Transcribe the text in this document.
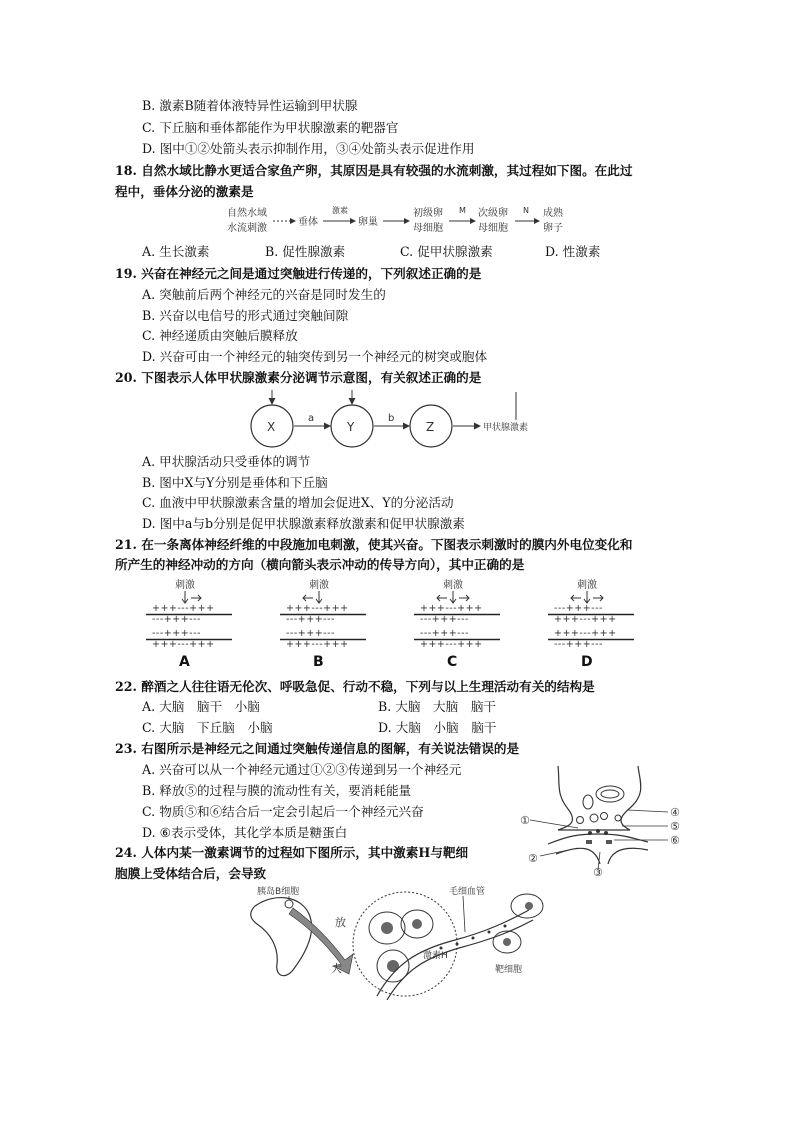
B. 激素B随着体液特异性运输到甲状腺
C. 下丘脑和垂体都能作为甲状腺激素的靶器官
D. 图中①②处箭头表示抑制作用，③④处箭头表示促进作用
18. 自然水域比静水更适合家鱼产卵，其原因是具有较强的水流刺激，其过程如下图。在此过
程中，垂体分泌的激素是
自然水域
水流刺激
垂体
激素
卵巢
初级卵
母细胞
M 次级卵
母细胞
N 成熟
卵子
A. 生长激素	B. 促性腺激素	C. 促甲状腺激素	D. 性激素
19. 兴奋在神经元之间是通过突触进行传递的，下列叙述正确的是
A. 突触前后两个神经元的兴奋是同时发生的
B. 兴奋以电信号的形式通过突触间隙
C. 神经递质由突触后膜释放
D. 兴奋可由一个神经元的轴突传到另一个神经元的树突或胞体
20. 下图表示人体甲状腺激素分泌调节示意图，有关叙述正确的是
X
a
Y
b
Z	甲状腺激素
A. 甲状腺活动只受垂体的调节
B. 图中X与Y分别是垂体和下丘脑
C. 血液中甲状腺激素含量的增加会促进X、Y的分泌活动
D. 图中a与b分别是促甲状腺激素释放激素和促甲状腺激素
21. 在一条离体神经纤维的中段施加电刺激，使其兴奋。下图表示刺激时的膜内外电位变化和
所产生的神经冲动的方向（横向箭头表示冲动的传导方向），其中正确的是
刺激
+++---+++
---+++---
---+++---
+++---+++
A
刺激
+++---+++
---+++---
---+++---
+++---+++
B
刺激
+++---+++
---+++---
---+++---
+++---+++
C
刺激
---+++---
+++---+++
+++---+++
---+++---
D
22. 醉酒之人往往语无伦次、呼吸急促、行动不稳，下列与以上生理活动有关的结构是
A. 大脑　脑干　小脑	B. 大脑　大脑　脑干
C. 大脑　下丘脑　小脑	D. 大脑　小脑　脑干
23. 右图所示是神经元之间通过突触传递信息的图解，有关说法错误的是
A. 兴奋可以从一个神经元通过①②③传递到另一个神经元
B. 释放⑤的过程与膜的流动性有关，要消耗能量
C. 物质⑤和⑥结合后一定会引起后一个神经元兴奋
D. ⑥表示受体，其化学本质是糖蛋白
①
②
③
④
⑤
⑥
24. 人体内某一激素调节的过程如下图所示，其中激素H与靶细
胞膜上受体结合后，会导致
胰岛B细胞
放
大
毛细血管
激素H
靶细胞
